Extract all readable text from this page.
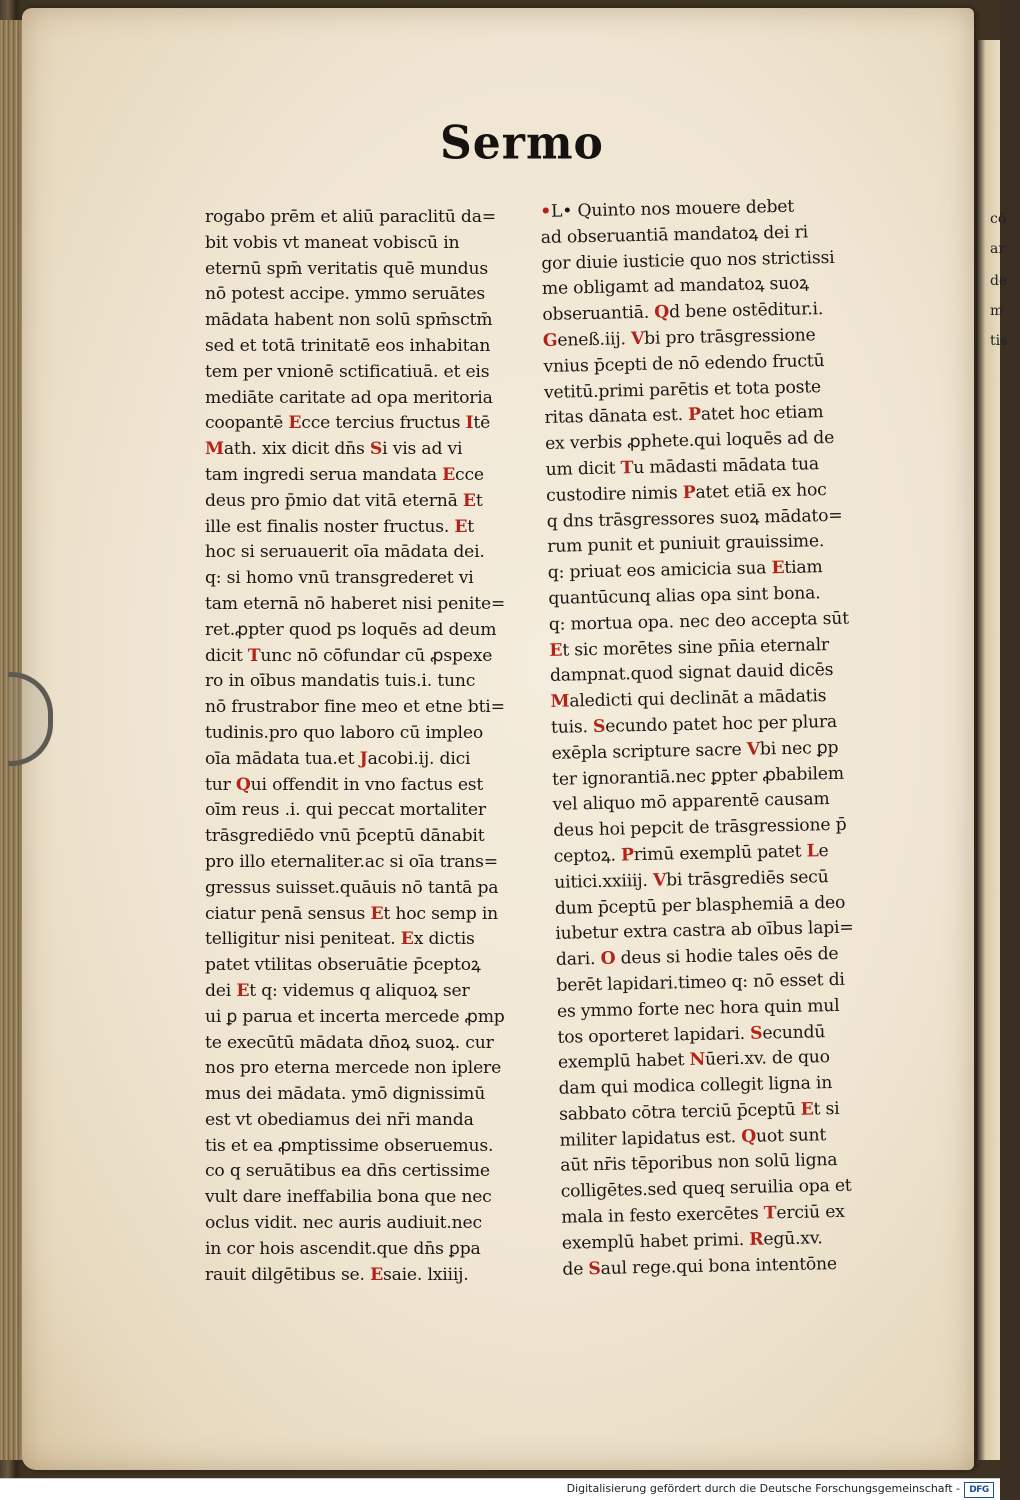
cō
ar
de
m
tis
Sermo
rogabo prēm et aliū paraclitū da=
bit vobis vt maneat vobiscū in
eternū spm̄ veritatis quē mundus
nō potest accipe. ymmo seruātes
mādata habent non solū spm̄sctm̄
sed et totā trinitatē eos inhabitan
tem per vnionē sctificatiuā. et eis
mediāte caritate ad opa meritoria
coopantē Ecce tercius fructus Itē
Math. xix dicit dn̄s Si vis ad vi
tam ingredi serua mandata Ecce
deus pro p̄mio dat vitā eternā Et
ille est finalis noster fructus. Et
hoc si seruauerit oīa mādata dei.
q: si homo vnū transgrederet vi
tam eternā nō haberet nisi penite=
ret.ꝓpter quod ps loquēs ad deum
dicit Tunc nō cōfundar cū ꝓspexe
ro in oībus mandatis tuis.i. tunc
nō frustrabor fine meo et etne bti=
tudinis.pro quo laboro cū impleo
oīa mādata tua.et Jacobi.ij. dici
tur Qui offendit in vno factus est
oīm reus .i. qui peccat mortaliter
trāsgrediēdo vnū p̄ceptū dānabit
pro illo eternaliter.ac si oīa trans=
gressus suisset.quāuis nō tantā pa
ciatur penā sensus Et hoc semp in
telligitur nisi peniteat. Ex dictis
patet vtilitas obseruātie p̄ceptoꝝ
dei Et q: videmus q aliquoꝝ ser
ui ꝑ parua et incerta mercede ꝓmp
te execūtū mādata dn̄oꝝ suoꝝ. cur
nos pro eterna mercede non iplere
mus dei mādata. ymō dignissimū
est vt obediamus dei nr̄i manda
tis et ea ꝓmptissime obseruemus.
co q seruātibus ea dn̄s certissime
vult dare ineffabilia bona que nec
oclus vidit. nec auris audiuit.nec
in cor hois ascendit.que dn̄s ꝑpa
rauit dilgētibus se. Esaie. lxiiij.
•L• Quinto nos mouere debet
ad obseruantiā mandatoꝝ dei ri
gor diuie iusticie quo nos strictissi
me obligamt ad mandatoꝝ suoꝝ
obseruantiā. Qd bene ostēditur.i.
Geneß.iij. Vbi pro trāsgressione
vnius p̄cepti de nō edendo fructū
vetitū.primi parētis et tota poste
ritas dānata est. Patet hoc etiam
ex verbis ꝓphete.qui loquēs ad de
um dicit Tu mādasti mādata tua
custodire nimis Patet etiā ex hoc
q dns trāsgressores suoꝝ mādato=
rum punit et puniuit grauissime.
q: priuat eos amicicia sua Etiam
quantūcunq alias opa sint bona.
q: mortua opa. nec deo accepta sūt
Et sic morētes sine pn̄ia eternalr
dampnat.quod signat dauid dicēs
Maledicti qui declināt a mādatis
tuis. Secundo patet hoc per plura
exēpla scripture sacre Vbi nec ꝑp
ter ignorantiā.nec ꝑpter ꝓbabilem
vel aliquo mō apparentē causam
deus hoi pepcit de trāsgressione p̄
ceptoꝝ. Primū exemplū patet Le
uitici.xxiiij. Vbi trāsgrediēs secū
dum p̄ceptū per blasphemiā a deo
iubetur extra castra ab oībus lapi=
dari. O deus si hodie tales oēs de
berēt lapidari.timeo q: nō esset di
es ymmo forte nec hora quin mul
tos oporteret lapidari. Secundū
exemplū habet Nūeri.xv. de quo
dam qui modica collegit ligna in
sabbato cōtra terciū p̄ceptū Et si
militer lapidatus est. Quot sunt
aūt nr̄is tēporibus non solū ligna
colligētes.sed queq seruilia opa et
mala in festo exercētes Terciū ex
exemplū habet primi. Regū.xv.
de Saul rege.qui bona intentōne
Digitalisierung gefördert durch die Deutsche Forschungsgemeinschaft -	DFG
